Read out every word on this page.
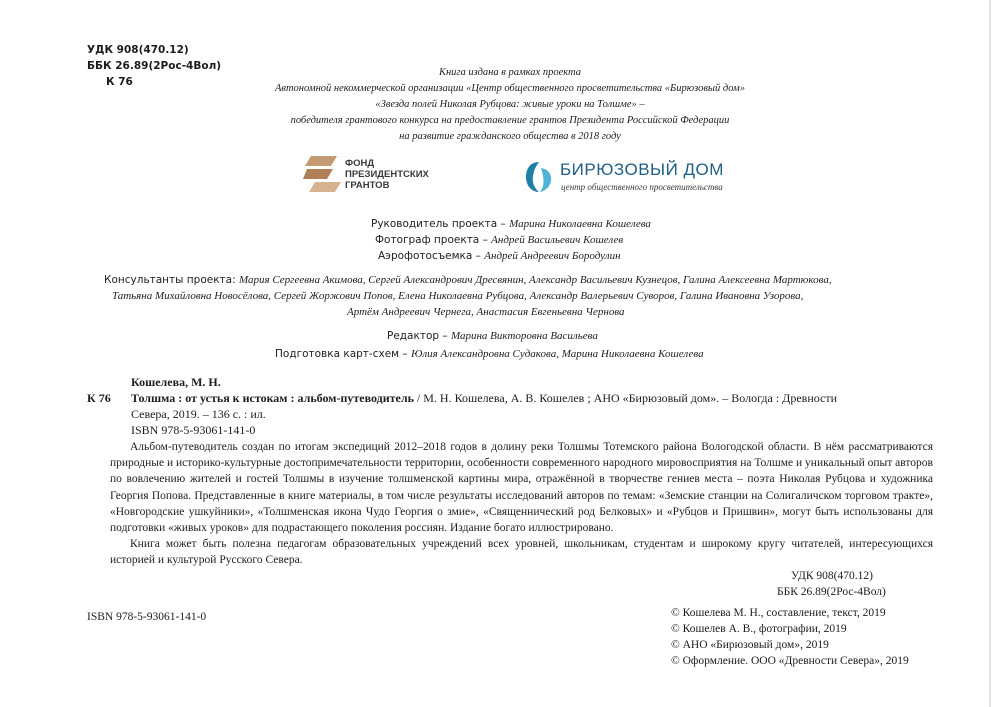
УДК 908(470.12)
ББК 26.89(2Рос-4Вол)
К 76
Книга издана в рамках проекта
Автономной некоммерческой организации «Центр общественного просветительства «Бирюзовый дом»
«Звезда полей Николая Рубцова: живые уроки на Толшме» –
победителя грантового конкурса на предоставление грантов Президента Российской Федерации
на развитие гражданского общества в 2018 году
ФОНД
ПРЕЗИДЕНТСКИХ
ГРАНТОВ
БИРЮЗОВЫЙ ДОМ
центр общественного просветительства
Руководитель проекта – Марина Николаевна Кошелева
Фотограф проекта – Андрей Васильевич Кошелев
Аэрофотосъемка – Андрей Андреевич Бородулин
Консультанты проекта: Мария Сергеевна Акимова, Сергей Александрович Дресвянин, Александр Васильевич Кузнецов, Галина Алексеевна Мартюкова,
Татьяна Михайловна Новосёлова, Сергей Жоржович Попов, Елена Николаевна Рубцова, Александр Валерьевич Суворов, Галина Ивановна Узорова,
Артём Андреевич Чернега, Анастасия Евгеньевна Чернова
Редактор – Марина Викторовна Васильева
Подготовка карт-схем – Юлия Александровна Судакова, Марина Николаевна Кошелева
Кошелева, М. Н.
К 76 Толшма : от устья к истокам : альбом-путеводитель / М. Н. Кошелева, А. В. Кошелев ; АНО «Бирюзовый дом». – Вологда : Древности
Севера, 2019. – 136 с. : ил.
ISBN 978-5-93061-141-0

Альбом-путеводитель создан по итогам экспедиций 2012–2018 годов в долину реки Толшмы Тотемского района Вологодской области. В нём рассматриваются природные и историко-культурные достопримечательности территории, особенности современного народного мировосприятия на Толшме и уникальный опыт авторов по вовлечению жителей и гостей Толшмы в изучение толшменской картины мира, отражённой в творчестве гениев места – поэта Николая Рубцова и художника Георгия Попова. Представленные в книге материалы, в том числе результаты исследований авторов по темам: «Земские станции на Солигаличском торговом тракте», «Новгородские ушкуйники», «Толшменская икона Чудо Георгия о змие», «Священнический род Белковых» и «Рубцов и Пришвин», могут быть использованы для подготовки «живых уроков» для подрастающего поколения россиян. Издание богато иллюстрировано.

Книга может быть полезна педагогам образовательных учреждений всех уровней, школьникам, студентам и широкому кругу читателей, интересующихся историей и культурой Русского Севера.

УДК 908(470.12)
ББК 26.89(2Рос-4Вол)
ISBN 978-5-93061-141-0	© Кошелева М. Н., составление, текст, 2019
© Кошелев А. В., фотографии, 2019
© АНО «Бирюзовый дом», 2019
© Оформление. ООО «Древности Севера», 2019
